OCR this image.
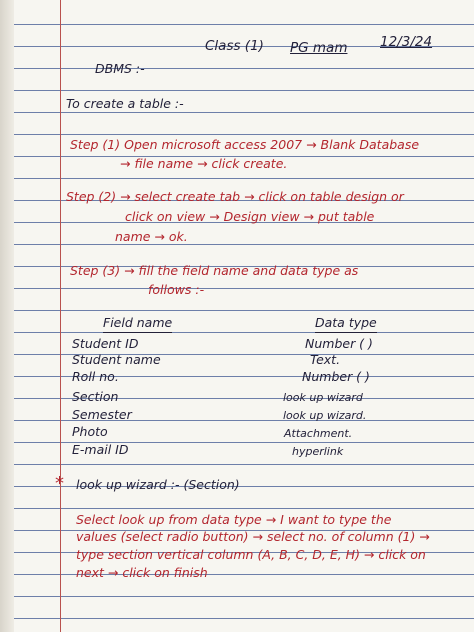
Class (1) PG mam 12/3/24
DBMS :-
To create a table :-
Step (1) Open microsoft access 2007 → Blank Database
→ file name → click create.
Step (2) → select create tab → click on table design or
click on view → Design view → put table
name → ok.
Step (3) → fill the field name and data type as
follows :-
Field name	Data type
Student ID	Number ( )
Student name	Text.
Roll no.	Number ( )
Section	look up wizard
Semester	look up wizard.
Photo	Attachment.
E-mail ID	hyperlink
* look up wizard :- (Section)
Select look up from data type → I want to type the
values (select radio button) → select no. of column (1) →
type section vertical column (A, B, C, D, E, H) → click on
next → click on finish
